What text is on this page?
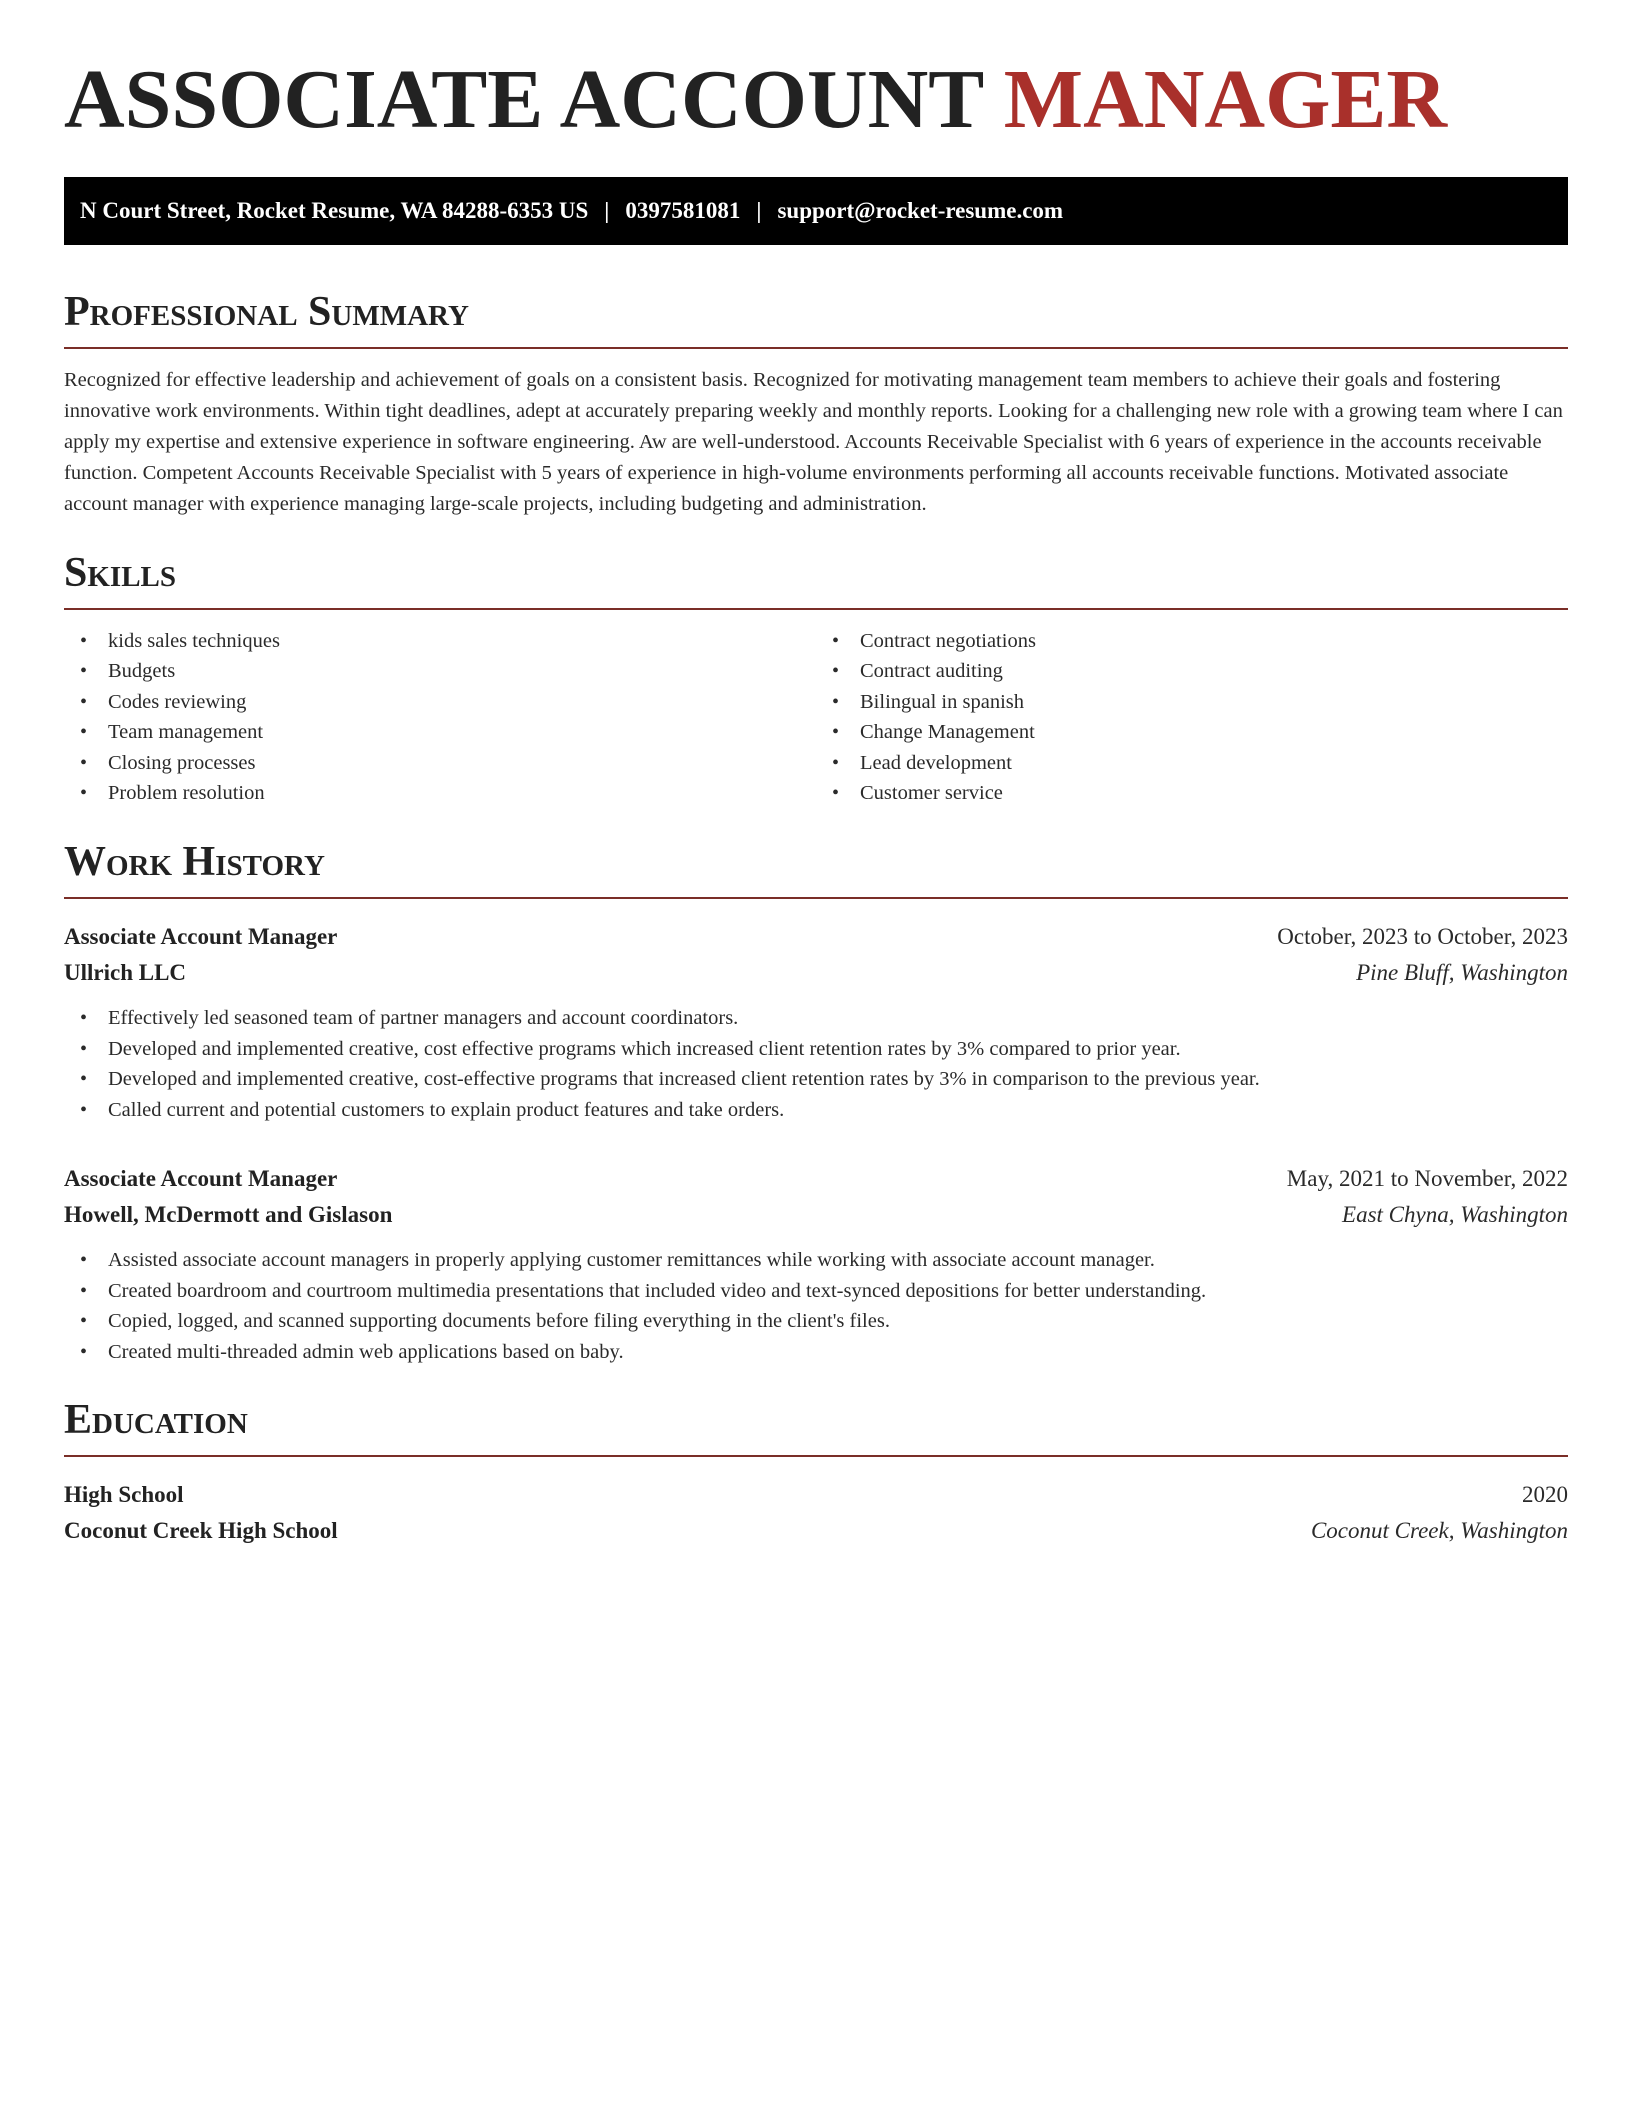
ASSOCIATE ACCOUNT MANAGER
N Court Street, Rocket Resume, WA 84288-6353 US | 0397581081 | support@rocket-resume.com
Professional Summary

Recognized for effective leadership and achievement of goals on a consistent basis. Recognized for motivating management team members to achieve their goals and fostering innovative work environments. Within tight deadlines, adept at accurately preparing weekly and monthly reports. Looking for a challenging new role with a growing team where I can apply my expertise and extensive experience in software engineering. Aw are well-understood. Accounts Receivable Specialist with 6 years of experience in the accounts receivable function. Competent Accounts Receivable Specialist with 5 years of experience in high-volume environments performing all accounts receivable functions. Motivated associate account manager with experience managing large-scale projects, including budgeting and administration.

Skills
• kids sales techniques
• Budgets
• Codes reviewing
• Team management
• Closing processes
• Problem resolution
• Contract negotiations
• Contract auditing
• Bilingual in spanish
• Change Management
• Lead development
• Customer service
Work History
Associate Account Manager	October, 2023 to October, 2023
Ullrich LLC	Pine Bluff, Washington
• Effectively led seasoned team of partner managers and account coordinators.
• Developed and implemented creative, cost effective programs which increased client retention rates by 3% compared to prior year.
• Developed and implemented creative, cost-effective programs that increased client retention rates by 3% in comparison to the previous year.
• Called current and potential customers to explain product features and take orders.
Associate Account Manager	May, 2021 to November, 2022
Howell, McDermott and Gislason	East Chyna, Washington
• Assisted associate account managers in properly applying customer remittances while working with associate account manager.
• Created boardroom and courtroom multimedia presentations that included video and text-synced depositions for better understanding.
• Copied, logged, and scanned supporting documents before filing everything in the client's files.
• Created multi-threaded admin web applications based on baby.
Education
High School	2020
Coconut Creek High School	Coconut Creek, Washington
